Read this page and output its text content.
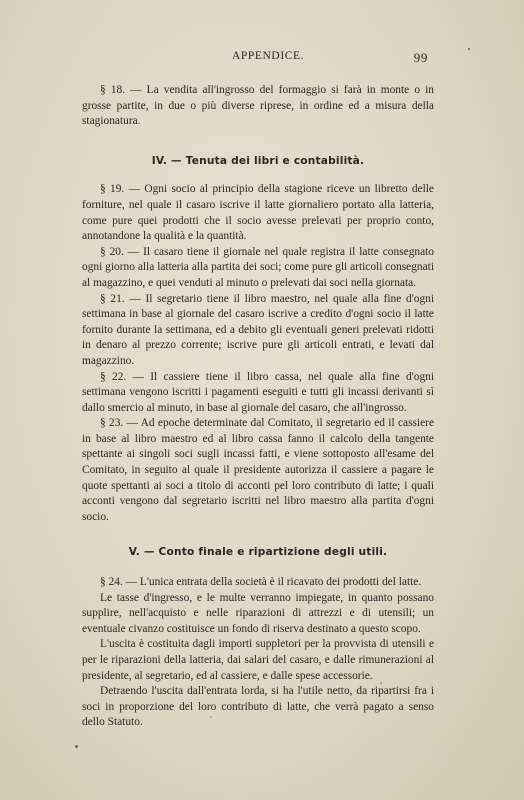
APPENDICE.	99

§ 18. — La vendita all'ingrosso del formaggio si farà in monte o in grosse partite, in due o più diverse riprese, in ordine ed a misura della stagionatura.

IV. — Tenuta dei libri e contabilità.

§ 19. — Ogni socio al principio della stagione riceve un libretto delle forniture, nel quale il casaro iscrive il latte giornaliero portato alla latteria, come pure quei prodotti che il socio avesse prelevati per proprio conto, annotandone la qualità e la quantità.

§ 20. — Il casaro tiene il giornale nel quale registra il latte consegnato ogni giorno alla latteria alla partita dei soci; come pure gli articoli consegnati al magazzino, e quei venduti al minuto o prelevati dai soci nella giornata.

§ 21. — Il segretario tiene il libro maestro, nel quale alla fine d'ogni settimana in base al giornale del casaro iscrive a credito d'ogni socio il latte fornito durante la settimana, ed a debito gli eventuali generi prelevati ridotti in denaro al prezzo corrente; iscrive pure gli articoli entrati, e levati dal magazzino.

§ 22. — Il cassiere tiene il libro cassa, nel quale alla fine d'ogni settimana vengono iscritti i pagamenti eseguiti e tutti gli incassi derivanti sì dallo smercio al minuto, in base al giornale del casaro, che all'ingrosso.

§ 23. — Ad epoche determinate dal Comitato, il segretario ed il cassiere in base al libro maestro ed al libro cassa fanno il calcolo della tangente spettante ai singoli soci sugli incassi fatti, e viene sottoposto all'esame del Comitato, in seguito al quale il presidente autorizza il cassiere a pagare le quote spettanti ai soci a titolo di acconti pel loro contributo di latte; i quali acconti vengono dal segretario iscritti nel libro maestro alla partita d'ogni socio.

V. — Conto finale e ripartizione degli utili.

§ 24. — L'unica entrata della società è il ricavato dei prodotti del latte.

Le tasse d'ingresso, e le multe verranno impiegate, in quanto possano supplire, nell'acquisto e nelle riparazioni di attrezzi e di utensili; un eventuale civanzo costituisce un fondo di riserva destinato a questo scopo.

L'uscita è costituita dagli importi suppletori per la provvista di utensili e per le riparazioni della latteria, dai salari del casaro, e dalle rimunerazioni al presidente, al segretario, ed al cassiere, e dalle spese accessorie.

Detraendo l'uscita dall'entrata lorda, si ha l'utile netto, da ripartirsi fra i soci in proporzione del loro contributo di latte, che verrà pagato a senso dello Statuto.
